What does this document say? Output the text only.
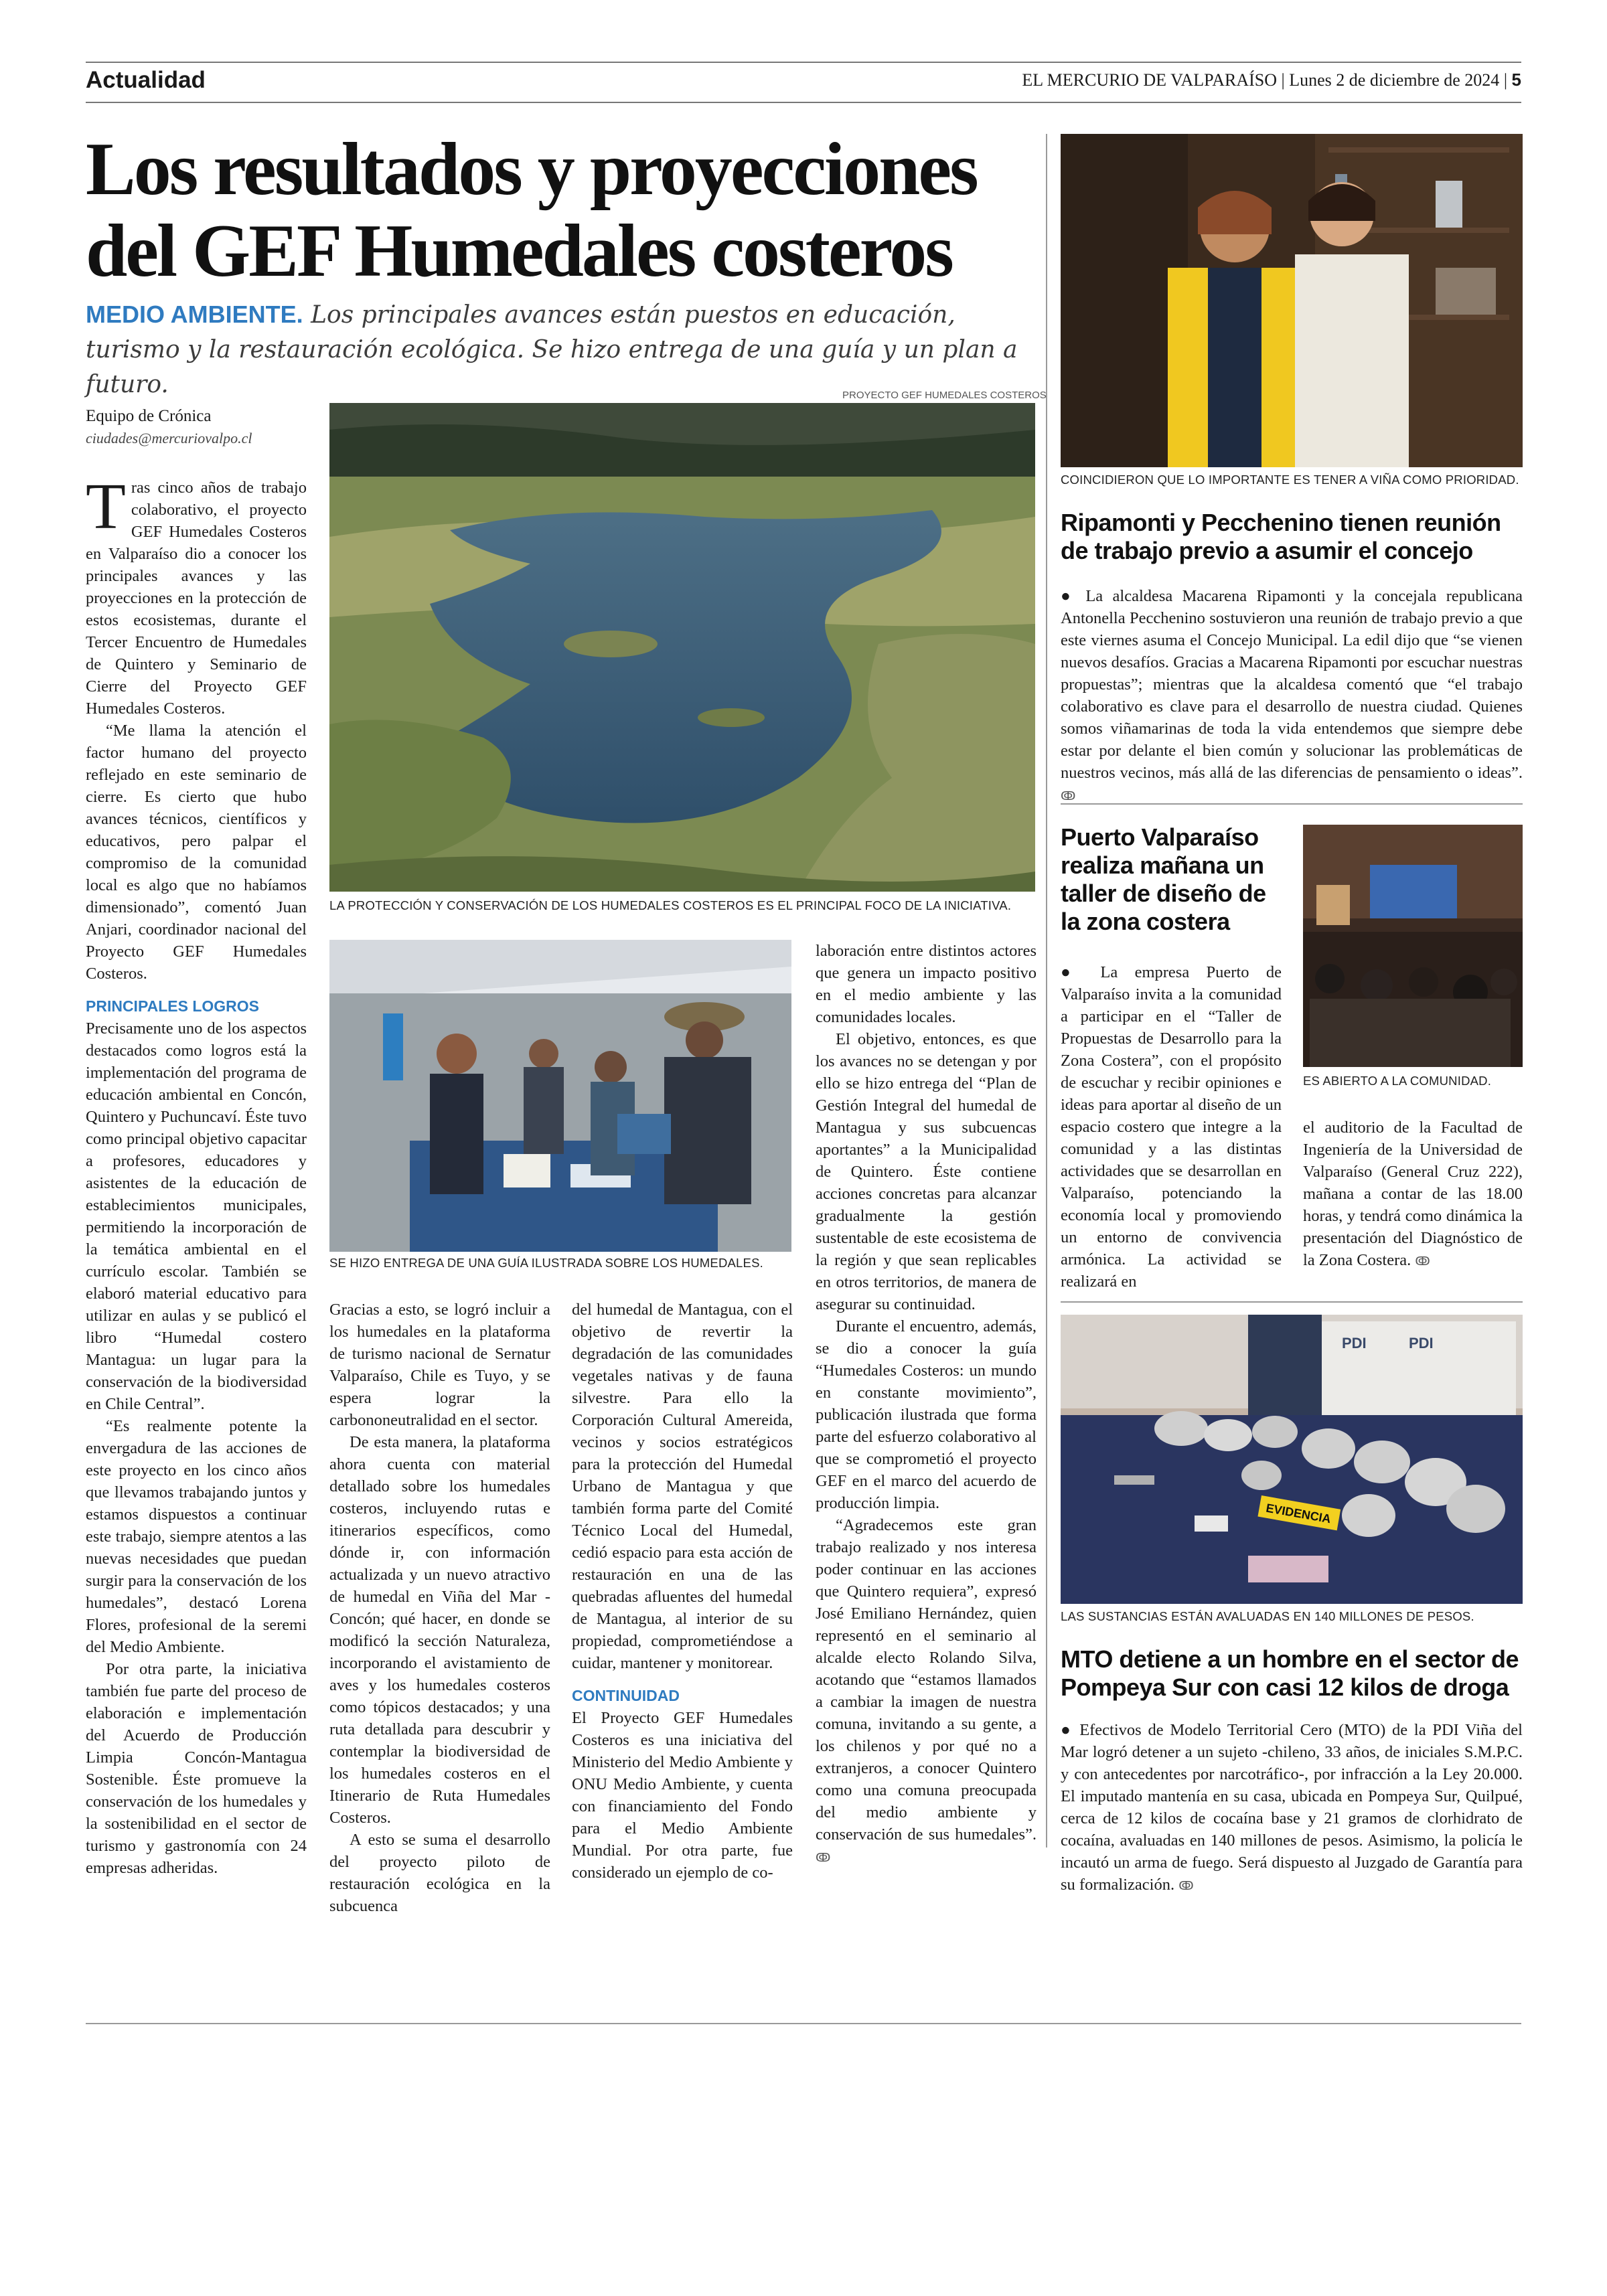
Actualidad	EL MERCURIO DE VALPARAÍSO | Lunes 2 de diciembre de 2024 | 5
Los resultados y proyecciones
del GEF Humedales costeros
MEDIO AMBIENTE. Los principales avances están puestos en educación, turismo y la restauración ecológica. Se hizo entrega de una guía y un plan a futuro.
Equipo de Crónica
ciudades@mercuriovalpo.cl
PROYECTO GEF HUMEDALES COSTEROS
LA PROTECCIÓN Y CONSERVACIÓN DE LOS HUMEDALES COSTEROS ES EL PRINCIPAL FOCO DE LA INICIATIVA.
SE HIZO ENTREGA DE UNA GUÍA ILUSTRADA SOBRE LOS HUMEDALES.

Tras cinco años de trabajo colaborativo, el proyecto GEF Humedales Costeros en Valparaíso dio a conocer los principales avances y las proyecciones en la protección de estos ecosistemas, durante el Tercer Encuentro de Humedales de Quintero y Seminario de Cierre del Proyecto GEF Humedales Costeros.

“Me llama la atención el factor humano del proyecto reflejado en este seminario de cierre. Es cierto que hubo avances técnicos, científicos y educativos, pero palpar el compromiso de la comunidad local es algo que no habíamos dimensionado”, comentó Juan Anjari, coordinador nacional del Proyecto GEF Humedales Costeros.

PRINCIPALES LOGROS

Precisamente uno de los aspectos destacados como logros está la implementación del programa de educación ambiental en Concón, Quintero y Puchuncaví. Éste tuvo como principal objetivo capacitar a profesores, educadores y asistentes de la educación de establecimientos municipales, permitiendo la incorporación de la temática ambiental en el currículo escolar. También se elaboró material educativo para utilizar en aulas y se publicó el libro “Humedal costero Mantagua: un lugar para la conservación de la biodiversidad en Chile Central”.

“Es realmente potente la envergadura de las acciones de este proyecto en los cinco años que llevamos trabajando juntos y estamos dispuestos a continuar este trabajo, siempre atentos a las nuevas necesidades que puedan surgir para la conservación de los humedales”, destacó Lorena Flores, profesional de la seremi del Medio Ambiente.

Por otra parte, la iniciativa también fue parte del proceso de elaboración e implementación del Acuerdo de Producción Limpia Concón-Mantagua Sostenible. Éste promueve la conservación de los humedales y la sostenibilidad en el sector de turismo y gastronomía con 24 empresas adheridas.

Gracias a esto, se logró incluir a los humedales en la plataforma de turismo nacional de Sernatur Valparaíso, Chile es Tuyo, y se espera lograr la carbononeutralidad en el sector.

De esta manera, la plataforma ahora cuenta con material detallado sobre los humedales costeros, incluyendo rutas e itinerarios específicos, como dónde ir, con información actualizada y un nuevo atractivo de humedal en Viña del Mar - Concón; qué hacer, en donde se modificó la sección Naturaleza, incorporando el avistamiento de aves y los humedales costeros como tópicos destacados; y una ruta detallada para descubrir y contemplar la biodiversidad de los humedales costeros en el Itinerario de Ruta Humedales Costeros.

A esto se suma el desarrollo del proyecto piloto de restauración ecológica en la subcuenca

del humedal de Mantagua, con el objetivo de revertir la degradación de las comunidades vegetales nativas y de fauna silvestre. Para ello la Corporación Cultural Amereida, vecinos y socios estratégicos para la protección del Humedal Urbano de Mantagua y que también forma parte del Comité Técnico Local del Humedal, cedió espacio para esta acción de restauración en una de las quebradas afluentes del humedal de Mantagua, al interior de su propiedad, comprometiéndose a cuidar, mantener y monitorear.

CONTINUIDAD

El Proyecto GEF Humedales Costeros es una iniciativa del Ministerio del Medio Ambiente y ONU Medio Ambiente, y cuenta con financiamiento del Fondo para el Medio Ambiente Mundial. Por otra parte, fue considerado un ejemplo de co-

laboración entre distintos actores que genera un impacto positivo en el medio ambiente y las comunidades locales.

El objetivo, entonces, es que los avances no se detengan y por ello se hizo entrega del “Plan de Gestión Integral del humedal de Mantagua y sus subcuencas aportantes” a la Municipalidad de Quintero. Éste contiene acciones concretas para alcanzar gradualmente la gestión sustentable de este ecosistema de la región y que sean replicables en otros territorios, de manera de asegurar su continuidad.

Durante el encuentro, además, se dio a conocer la guía “Humedales Costeros: un mundo en constante movimiento”, publicación ilustrada que forma parte del esfuerzo colaborativo al que se comprometió el proyecto GEF en el marco del acuerdo de producción limpia.

“Agradecemos este gran trabajo realizado y nos interesa poder continuar en las acciones que Quintero requiera”, expresó José Emiliano Hernández, quien representó en el seminario al alcalde electo Rolando Silva, acotando que “estamos llamados a cambiar la imagen de nuestra comuna, invitando a su gente, a los chilenos y por qué no a extranjeros, a conocer Quintero como una comuna preocupada del medio ambiente y conservación de sus humedales”. ↂ

COINCIDIERON QUE LO IMPORTANTE ES TENER A VIÑA COMO PRIORIDAD.
Ripamonti y Pecchenino tienen reunión de trabajo previo a asumir el concejo

● La alcaldesa Macarena Ripamonti y la concejala republicana Antonella Pecchenino sostuvieron una reunión de trabajo previo a que este viernes asuma el Concejo Municipal. La edil dijo que “se vienen nuevos desafíos. Gracias a Macarena Ripamonti por escuchar nuestras propuestas”; mientras que la alcaldesa comentó que “el trabajo colaborativo es clave para el desarrollo de nuestra ciudad. Quienes somos viñamarinas de toda la vida entendemos que siempre debe estar por delante el bien común y solucionar las problemáticas de nuestros vecinos, más allá de las diferencias de pensamiento o ideas”. ↂ

Puerto Valparaíso realiza mañana un taller de diseño de la zona costera
ES ABIERTO A LA COMUNIDAD.

● La empresa Puerto de Valparaíso invita a la comunidad a participar en el “Taller de Propuestas de Desarrollo para la Zona Costera”, con el propósito de escuchar y recibir opiniones e ideas para aportar al diseño de un espacio costero que integre a la comunidad y a las distintas actividades que se desarrollan en Valparaíso, potenciando la economía local y promoviendo un entorno de convivencia armónica. La actividad se realizará en

el auditorio de la Facultad de Ingeniería de la Universidad de Valparaíso (General Cruz 222), mañana a contar de las 18.00 horas, y tendrá como dinámica la presentación del Diagnóstico de la Zona Costera. ↂ

PDI	PDI
EVIDENCIA
LAS SUSTANCIAS ESTÁN AVALUADAS EN 140 MILLONES DE PESOS.
MTO detiene a un hombre en el sector de Pompeya Sur con casi 12 kilos de droga

● Efectivos de Modelo Territorial Cero (MTO) de la PDI Viña del Mar logró detener a un sujeto -chileno, 33 años, de iniciales S.M.P.C. y con antecedentes por narcotráfico-, por infracción a la Ley 20.000. El imputado mantenía en su casa, ubicada en Pompeya Sur, Quilpué, cerca de 12 kilos de cocaína base y 21 gramos de clorhidrato de cocaína, avaluadas en 140 millones de pesos. Asimismo, la policía le incautó un arma de fuego. Será dispuesto al Juzgado de Garantía para su formalización. ↂ
